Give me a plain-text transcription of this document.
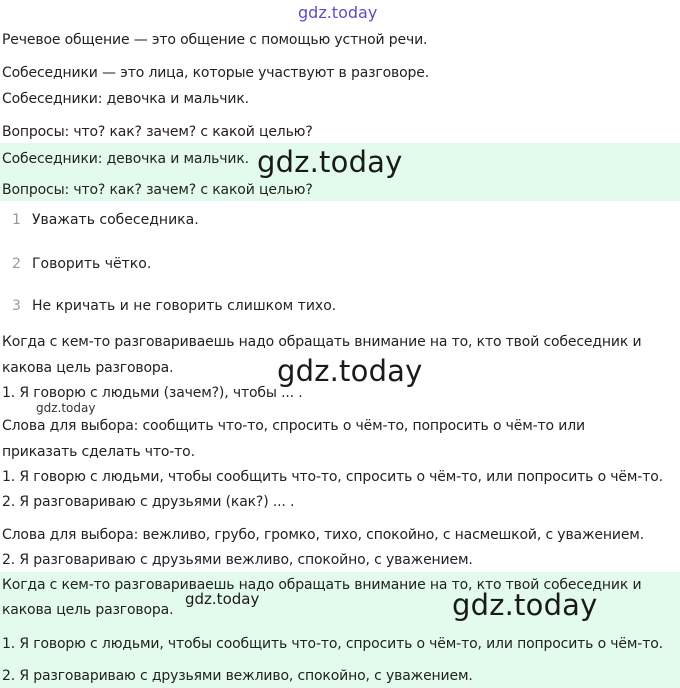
gdz.today
Речевое общение — это общение с помощью устной речи.
Собеседники — это лица, которые участвуют в разговоре.
Собеседники: девочка и мальчик.
Вопросы: что? как? зачем? с какой целью?
Собеседники: девочка и мальчик.
Вопросы: что? как? зачем? с какой целью?
gdz.today
1 Уважать собеседника.
2 Говорить чётко.
3 Не кричать и не говорить слишком тихо.
Когда с кем-то разговариваешь надо обращать внимание на то, кто твой собеседник и
какова цель разговора.	gdz.today
1. Я говорю с людьми (зачем?), чтобы ... .
gdz.today
Слова для выбора: сообщить что-то, спросить о чём-то, попросить о чём-то или
приказать сделать что-то.
1. Я говорю с людьми, чтобы сообщить что-то, спросить о чём-то, или попросить о чём-то.
2. Я разговариваю с друзьями (как?) ... .
Слова для выбора: вежливо, грубо, громко, тихо, спокойно, с насмешкой, с уважением.
2. Я разговариваю с друзьями вежливо, спокойно, с уважением.
Когда с кем-то разговариваешь надо обращать внимание на то, кто твой собеседник и
какова цель разговора.
gdz.today	gdz.today
1. Я говорю с людьми, чтобы сообщить что-то, спросить о чём-то, или попросить о чём-то.
2. Я разговариваю с друзьями вежливо, спокойно, с уважением.
